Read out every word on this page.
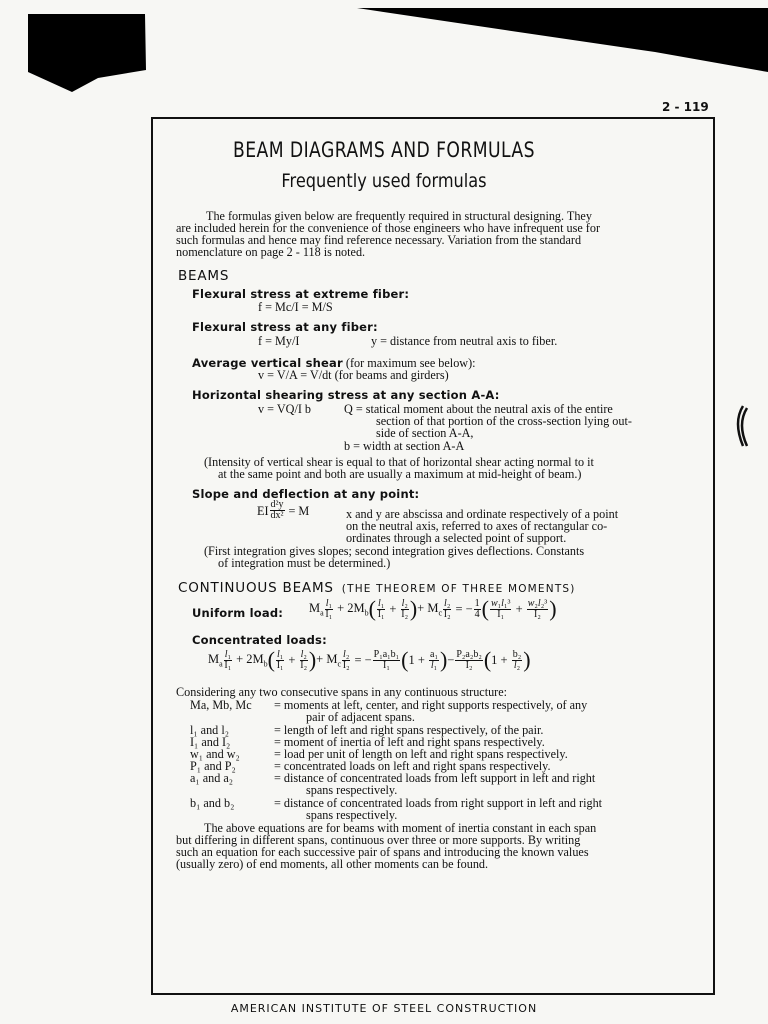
2 - 119
BEAM DIAGRAMS AND FORMULAS
Frequently used formulas
The formulas given below are frequently required in structural designing. They
are included herein for the convenience of those engineers who have infrequent use for
such formulas and hence may find reference necessary. Variation from the standard
nomenclature on page 2 - 118 is noted.
BEAMS
Flexural stress at extreme fiber:
f = Mc/I = M/S
Flexural stress at any fiber:
f = My/I	y = distance from neutral axis to fiber.
Average vertical shear (for maximum see below):
v = V/A = V/dt (for beams and girders)
Horizontal shearing stress at any section A-A:
v = VQ/I b	Q = statical moment about the neutral axis of the entire
section of that portion of the cross-section lying out-
side of section A-A,
b = width at section A-A
(Intensity of vertical shear is equal to that of horizontal shear acting normal to it
at the same point and both are usually a maximum at mid-height of beam.)
Slope and deflection at any point:
EI $\frac{\text{d²y}}{\text{dx²}} = M$	x and y are abscissa and ordinate respectively of a point
on the neutral axis, referred to axes of rectangular co-
ordinates through a selected point of support.
(First integration gives slopes; second integration gives deflections. Constants
of integration must be determined.)
CONTINUOUS BEAMS (THE THEOREM OF THREE MOMENTS)
Uniform load: $M_a \frac{\text{l₁}}{\text{I₁}} + 2M_b$ ( $\frac{\text{l₁}}{\text{I₁}} + \frac{\text{l₂}}{\text{I₂}}$ ) + $M_c \frac{\text{l₂}}{\text{I₂}}$ = − $\frac{1}{4}$ ( $\frac{\text{w₁l₁³}}{\text{I₁}} + \frac{\text{w₂l₂³}}{\text{I₂}}$ )
Concentrated loads:
$M_a \frac{\text{l₁}}{\text{I₁}} + 2M_b$ ( $\frac{\text{l₁}}{\text{I₁}} + \frac{\text{l₂}}{\text{I₂}}$ ) + $M_c \frac{\text{l₂}}{\text{I₂}}$ = − $\frac{\text{P₁a₁b₁}}{\text{I₁}}$ ( $1 + \frac{\text{a₁}}{\text{l₁}}$ ) − $\frac{\text{P₂a₂b₂}}{\text{I₂}}$ ( $1 + \frac{\text{b₂}}{\text{l₂}}$ )
Considering any two consecutive spans in any continuous structure:
Ma, Mb, Mc = moments at left, center, and right supports respectively, of any
pair of adjacent spans.
l₁ and l₂	= length of left and right spans respectively, of the pair.
I₁ and I₂	= moment of inertia of left and right spans respectively.
w₁ and w₂	= load per unit of length on left and right spans respectively.
P₁ and P₂	= concentrated loads on left and right spans respectively.
a₁ and a₂	= distance of concentrated loads from left support in left and right
spans respectively.
b₁ and b₂	= distance of concentrated loads from right support in left and right
spans respectively.
The above equations are for beams with moment of inertia constant in each span
but differing in different spans, continuous over three or more supports. By writing
such an equation for each successive pair of spans and introducing the known values
(usually zero) of end moments, all other moments can be found.
AMERICAN INSTITUTE OF STEEL CONSTRUCTION
